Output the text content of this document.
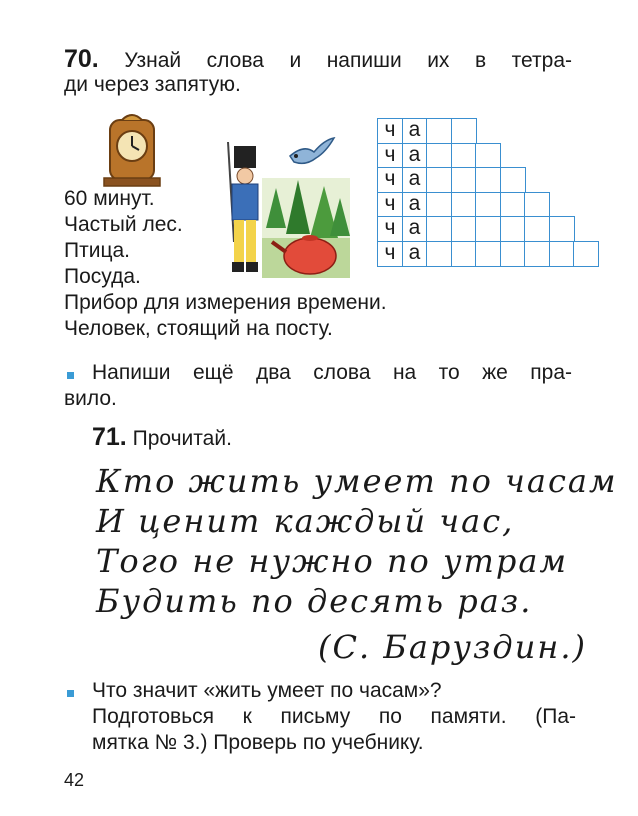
70. Узнай слова и напиши их в тетра-
ди через запятую.
60 минут.
Частый лес.
Птица.
Посуда.
Прибор для измерения времени.
Человек, стоящий на посту.
ч а
ч а
ч а
ч а
ч а
ч а
Напиши ещё два слова на то же пра-
вило.
71. Прочитай.
Кто жить умеет по часам
И ценит каждый час,
Того не нужно по утрам
Будить по десять раз.
(С. Баруздин.)
Что значит «жить умеет по часам»?
Подготовься к письму по памяти. (Па-
мятка № 3.) Проверь по учебнику.
42
